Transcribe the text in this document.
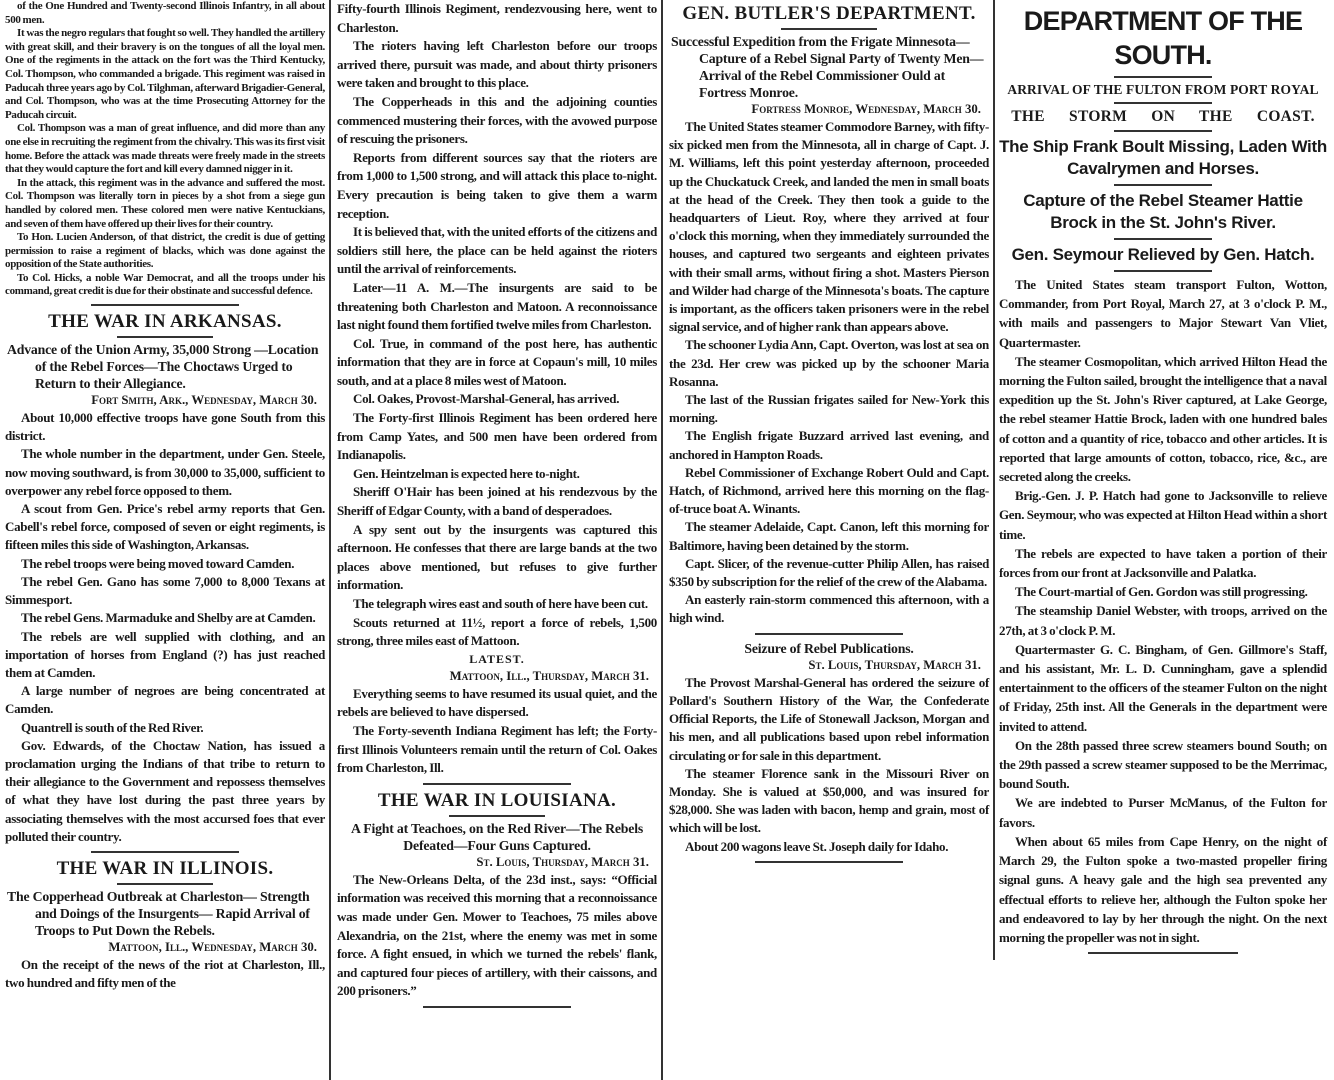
of the One Hundred and Twenty-second Illinois Infantry, in all about 500 men.

It was the negro regulars that fought so well. They handled the artillery with great skill, and their bravery is on the tongues of all the loyal men. One of the regiments in the attack on the fort was the Third Kentucky, Col. Thompson, who commanded a brigade. This regiment was raised in Paducah three years ago by Col. Tilghman, afterward Brigadier-General, and Col. Thompson, who was at the time Prosecuting Attorney for the Paducah circuit.

Col. Thompson was a man of great influence, and did more than any one else in recruiting the regiment from the chivalry. This was its first visit home. Before the attack was made threats were freely made in the streets that they would capture the fort and kill every damned nigger in it.

In the attack, this regiment was in the advance and suffered the most. Col. Thompson was literally torn in pieces by a shot from a siege gun handled by colored men. These colored men were native Kentuckians, and seven of them have offered up their lives for their country.

To Hon. Lucien Anderson, of that district, the credit is due of getting permission to raise a regiment of blacks, which was done against the opposition of the State authorities.

To Col. Hicks, a noble War Democrat, and all the troops under his command, great credit is due for their obstinate and successful defence.

THE WAR IN ARKANSAS.
Advance of the Union Army, 35,000 Strong —Location of the Rebel Forces—The Choctaws Urged to Return to their Allegiance.
Fort Smith, Ark., Wednesday, March 30.

About 10,000 effective troops have gone South from this district.

The whole number in the department, under Gen. Steele, now moving southward, is from 30,000 to 35,000, sufficient to overpower any rebel force opposed to them.

A scout from Gen. Price's rebel army reports that Gen. Cabell's rebel force, composed of seven or eight regiments, is fifteen miles this side of Washington, Arkansas.

The rebel troops were being moved toward Camden.

The rebel Gen. Gano has some 7,000 to 8,000 Texans at Simmesport.

The rebel Gens. Marmaduke and Shelby are at Camden.

The rebels are well supplied with clothing, and an importation of horses from England (?) has just reached them at Camden.

A large number of negroes are being concentrated at Camden.

Quantrell is south of the Red River.

Gov. Edwards, of the Choctaw Nation, has issued a proclamation urging the Indians of that tribe to return to their allegiance to the Government and repossess themselves of what they have lost during the past three years by associating themselves with the most accursed foes that ever polluted their country.

THE WAR IN ILLINOIS.
The Copperhead Outbreak at Charleston— Strength and Doings of the Insurgents— Rapid Arrival of Troops to Put Down the Rebels.
Mattoon, Ill., Wednesday, March 30.

On the receipt of the news of the riot at Charleston, Ill., two hundred and fifty men of the

Fifty-fourth Illinois Regiment, rendezvousing here, went to Charleston.

The rioters having left Charleston before our troops arrived there, pursuit was made, and about thirty prisoners were taken and brought to this place.

The Copperheads in this and the adjoining counties commenced mustering their forces, with the avowed purpose of rescuing the prisoners.

Reports from different sources say that the rioters are from 1,000 to 1,500 strong, and will attack this place to-night. Every precaution is being taken to give them a warm reception.

It is believed that, with the united efforts of the citizens and soldiers still here, the place can be held against the rioters until the arrival of reinforcements.

Later—11 A. M.—The insurgents are said to be threatening both Charleston and Matoon. A reconnoissance last night found them fortified twelve miles from Charleston.

Col. True, in command of the post here, has authentic information that they are in force at Copaun's mill, 10 miles south, and at a place 8 miles west of Matoon.

Col. Oakes, Provost-Marshal-General, has arrived.

The Forty-first Illinois Regiment has been ordered here from Camp Yates, and 500 men have been ordered from Indianapolis.

Gen. Heintzelman is expected here to-night.

Sheriff O'Hair has been joined at his rendezvous by the Sheriff of Edgar County, with a band of desperadoes.

A spy sent out by the insurgents was captured this afternoon. He confesses that there are large bands at the two places above mentioned, but refuses to give further information.

The telegraph wires east and south of here have been cut.

Scouts returned at 11½, report a force of rebels, 1,500 strong, three miles east of Mattoon.

LATEST.
Mattoon, Ill., Thursday, March 31.

Everything seems to have resumed its usual quiet, and the rebels are believed to have dispersed.

The Forty-seventh Indiana Regiment has left; the Forty-first Illinois Volunteers remain until the return of Col. Oakes from Charleston, Ill.

THE WAR IN LOUISIANA.
A Fight at Teachoes, on the Red River—The Rebels Defeated—Four Guns Captured.
St. Louis, Thursday, March 31.

The New-Orleans Delta, of the 23d inst., says: “Official information was received this morning that a reconnoissance was made under Gen. Mower to Teachoes, 75 miles above Alexandria, on the 21st, where the enemy was met in some force. A fight ensued, in which we turned the rebels' flank, and captured four pieces of artillery, with their caissons, and 200 prisoners.”

GEN. BUTLER'S DEPARTMENT.
Successful Expedition from the Frigate Minnesota—Capture of a Rebel Signal Party of Twenty Men—Arrival of the Rebel Commissioner Ould at Fortress Monroe.
Fortress Monroe, Wednesday, March 30.

The United States steamer Commodore Barney, with fifty-six picked men from the Minnesota, all in charge of Capt. J. M. Williams, left this point yesterday afternoon, proceeded up the Chuckatuck Creek, and landed the men in small boats at the head of the Creek. They then took a guide to the headquarters of Lieut. Roy, where they arrived at four o'clock this morning, when they immediately surrounded the houses, and captured two sergeants and eighteen privates with their small arms, without firing a shot. Masters Pierson and Wilder had charge of the Minnesota's boats. The capture is important, as the officers taken prisoners were in the rebel signal service, and of higher rank than appears above.

The schooner Lydia Ann, Capt. Overton, was lost at sea on the 23d. Her crew was picked up by the schooner Maria Rosanna.

The last of the Russian frigates sailed for New-York this morning.

The English frigate Buzzard arrived last evening, and anchored in Hampton Roads.

Rebel Commissioner of Exchange Robert Ould and Capt. Hatch, of Richmond, arrived here this morning on the flag-of-truce boat A. Winants.

The steamer Adelaide, Capt. Canon, left this morning for Baltimore, having been detained by the storm.

Capt. Slicer, of the revenue-cutter Philip Allen, has raised $350 by subscription for the relief of the crew of the Alabama.

An easterly rain-storm commenced this afternoon, with a high wind.

Seizure of Rebel Publications.
St. Louis, Thursday, March 31.

The Provost Marshal-General has ordered the seizure of Pollard's Southern History of the War, the Confederate Official Reports, the Life of Stonewall Jackson, Morgan and his men, and all publications based upon rebel information circulating or for sale in this department.

The steamer Florence sank in the Missouri River on Monday. She is valued at $50,000, and was insured for $28,000. She was laden with bacon, hemp and grain, most of which will be lost.

About 200 wagons leave St. Joseph daily for Idaho.

DEPARTMENT OF THE SOUTH.
ARRIVAL OF THE FULTON FROM PORT ROYAL
THE STORM ON THE COAST.
The Ship Frank Boult Missing, Laden With Cavalrymen and Horses.
Capture of the Rebel Steamer Hattie Brock in the St. John's River.
Gen. Seymour Relieved by Gen. Hatch.

The United States steam transport Fulton, Wotton, Commander, from Port Royal, March 27, at 3 o'clock P. M., with mails and passengers to Major Stewart Van Vliet, Quartermaster.

The steamer Cosmopolitan, which arrived Hilton Head the morning the Fulton sailed, brought the intelligence that a naval expedition up the St. John's River captured, at Lake George, the rebel steamer Hattie Brock, laden with one hundred bales of cotton and a quantity of rice, tobacco and other articles. It is reported that large amounts of cotton, tobacco, rice, &c., are secreted along the creeks.

Brig.-Gen. J. P. Hatch had gone to Jacksonville to relieve Gen. Seymour, who was expected at Hilton Head within a short time.

The rebels are expected to have taken a portion of their forces from our front at Jacksonville and Palatka.

The Court-martial of Gen. Gordon was still progressing.

The steamship Daniel Webster, with troops, arrived on the 27th, at 3 o'clock P. M.

Quartermaster G. C. Bingham, of Gen. Gillmore's Staff, and his assistant, Mr. L. D. Cunningham, gave a splendid entertainment to the officers of the steamer Fulton on the night of Friday, 25th inst. All the Generals in the department were invited to attend.

On the 28th passed three screw steamers bound South; on the 29th passed a screw steamer supposed to be the Merrimac, bound South.

We are indebted to Purser McManus, of the Fulton for favors.

When about 65 miles from Cape Henry, on the night of March 29, the Fulton spoke a two-masted propeller firing signal guns. A heavy gale and the high sea prevented any effectual efforts to relieve her, although the Fulton spoke her and endeavored to lay by her through the night. On the next morning the propeller was not in sight.
